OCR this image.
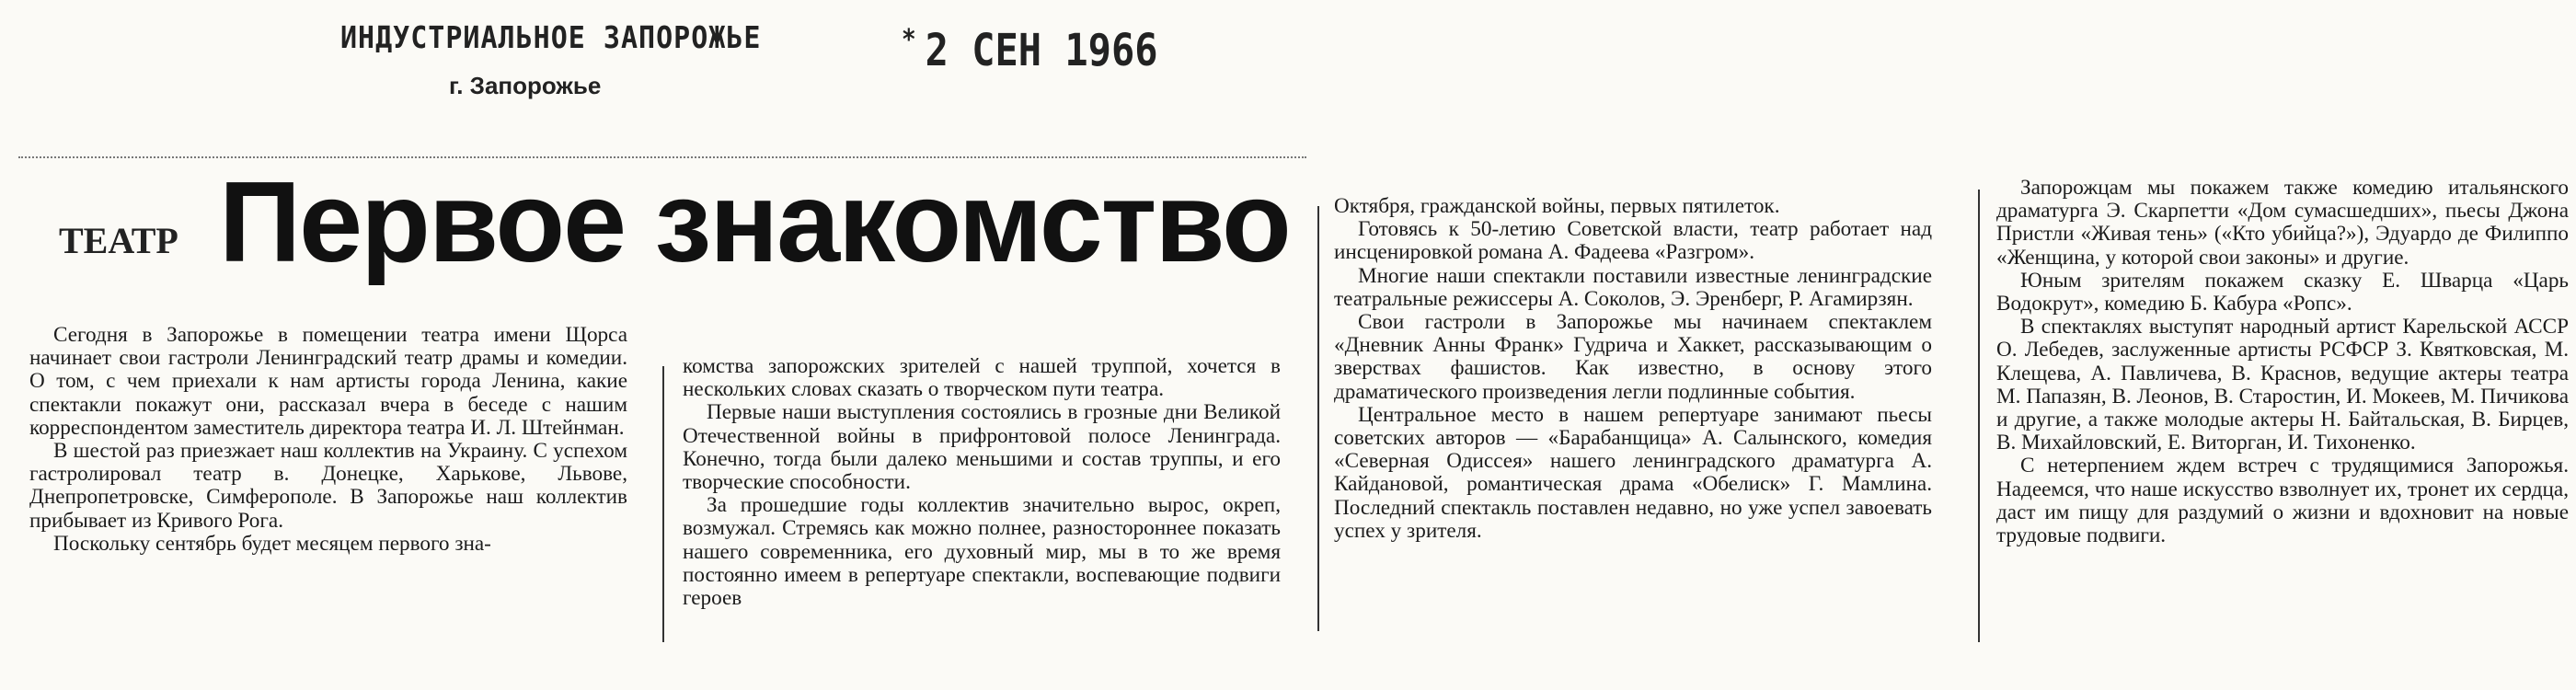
ИНДУСТРИАЛЬНОЕ ЗАПОРОЖЬЕ
г. Запорожье
* 2 СЕН 1966
ТЕАТР Первое знакомство

Сегодня в Запорожье в помещении театра имени Щорса начинает свои гастроли Ленинградский театр драмы и комедии. О том, с чем приехали к нам артисты города Ленина, какие спектакли покажут они, рассказал вчера в беседе с нашим корреспондентом заместитель директора театра И. Л. Штейнман.

В шестой раз приезжает наш коллектив на Украину. С успехом гастролировал театр в. Донецке, Харькове, Львове, Днепропетровске, Симферополе. В Запорожье наш коллектив прибывает из Кривого Рога.

Поскольку сентябрь будет месяцем первого зна-

комства запорожских зрителей с нашей труппой, хочется в нескольких словах сказать о творческом пути театра.

Первые наши выступления состоялись в грозные дни Великой Отечественной войны в прифронтовой полосе Ленинграда. Конечно, тогда были далеко меньшими и состав труппы, и его творческие способности.

За прошедшие годы коллектив значительно вырос, окреп, возмужал. Стремясь как можно полнее, разностороннее показать нашего современника, его духовный мир, мы в то же время постоянно имеем в репертуаре спектакли, воспевающие подвиги героев

Октября, гражданской войны, первых пятилеток.

Готовясь к 50-летию Советской власти, театр работает над инсценировкой романа А. Фадеева «Разгром».

Многие наши спектакли поставили известные ленинградские театральные режиссеры А. Соколов, Э. Эренберг, Р. Агамирзян.

Свои гастроли в Запорожье мы начинаем спектаклем «Дневник Анны Франк» Гудрича и Хаккет, рассказывающим о зверствах фашистов. Как известно, в основу этого драматического произведения легли подлинные события.

Центральное место в нашем репертуаре занимают пьесы советских авторов — «Барабанщица» А. Салынского, комедия «Северная Одиссея» нашего ленинградского драматурга А. Кайдановой, романтическая драма «Обелиск» Г. Мамлина. Последний спектакль поставлен недавно, но уже успел завоевать успех у зрителя.

Запорожцам мы покажем также комедию итальянского драматурга Э. Скарпетти «Дом сумасшедших», пьесы Джона Пристли «Живая тень» («Кто убийца?»), Эдуардо де Филиппо «Женщина, у которой свои законы» и другие.

Юным зрителям покажем сказку Е. Шварца «Царь Водокрут», комедию Б. Кабура «Ропс».

В спектаклях выступят народный артист Карельской АССР О. Лебедев, заслуженные артисты РСФСР З. Квятковская, М. Клещева, А. Павличева, В. Краснов, ведущие актеры театра М. Папазян, В. Леонов, В. Старостин, И. Мокеев, М. Пичикова и другие, а также молодые актеры Н. Байтальская, В. Бирцев, В. Михайловский, Е. Виторган, И. Тихоненко.

С нетерпением ждем встреч с трудящимися Запорожья. Надеемся, что наше искусство взволнует их, тронет их сердца, даст им пищу для раздумий о жизни и вдохновит на новые трудовые подвиги.
